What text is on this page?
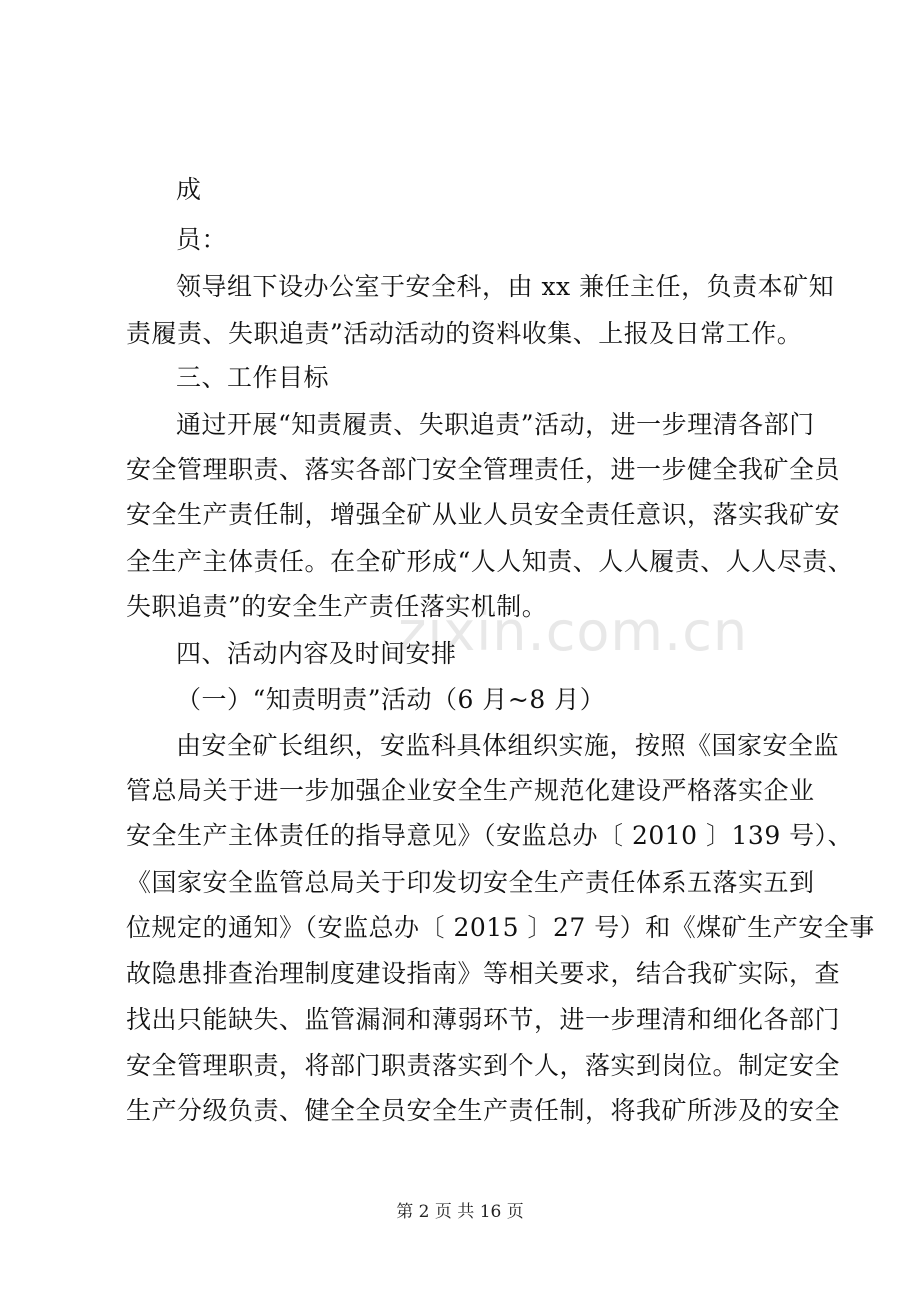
成
员：
领导组下设办公室于安全科，由 xx 兼任主任，负责本矿知
责履责、失职追责”活动活动的资料收集、上报及日常工作。
三、工作目标
通过开展“知责履责、失职追责”活动，进一步理清各部门
安全管理职责、落实各部门安全管理责任，进一步健全我矿全员
安全生产责任制，增强全矿从业人员安全责任意识，落实我矿安
全生产主体责任。在全矿形成“人人知责、人人履责、人人尽责、
失职追责”的安全生产责任落实机制。
zixin.com.cn
四、活动内容及时间安排
（一）“知责明责”活动（6 月~8 月）
由安全矿长组织，安监科具体组织实施，按照《国家安全监
管总局关于进一步加强企业安全生产规范化建设严格落实企业
安全生产主体责任的指导意见》（安监总办〔 2010 〕139 号）、
《国家安全监管总局关于印发切安全生产责任体系五落实五到
位规定的通知》（安监总办〔 2015 〕27 号）和《煤矿生产安全事
故隐患排查治理制度建设指南》等相关要求，结合我矿实际，查
找出只能缺失、监管漏洞和薄弱环节，进一步理清和细化各部门
安全管理职责，将部门职责落实到个人，落实到岗位。制定安全
生产分级负责、健全全员安全生产责任制，将我矿所涉及的安全
第 2 页 共 16 页
